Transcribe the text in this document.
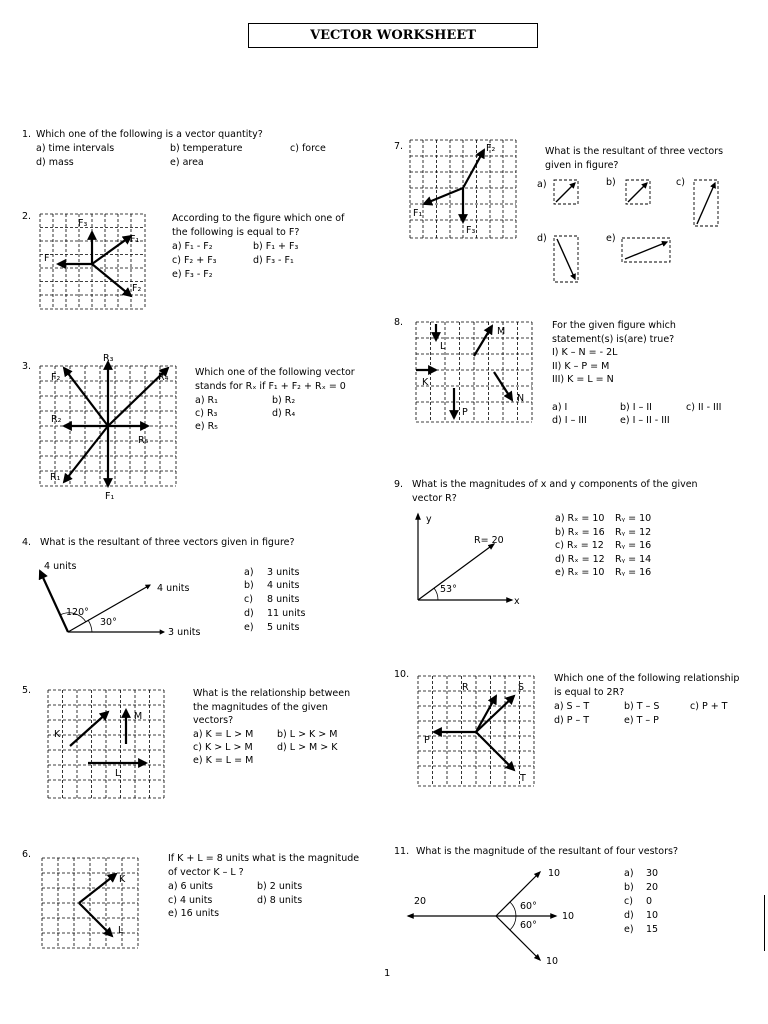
VECTOR WORKSHEET
1. Which one of the following is a vector quantity?
a) time intervals	b) temperature	c) force
d) mass	e) area
2.
F₃
F₁
F
F₂
According to the figure which one of
the following is equal to F?
a) F₁ - F₂	b) F₁ + F₃
c) F₂ + F₃	d) F₃ - F₁
e) F₃ - F₂
3.
R₃
F₂	R₄
R₂
R₅
R₁
F₁
Which one of the following vector
stands for Rₓ if F₁ + F₂ + Rₓ = 0
a) R₁	b) R₂
c) R₃	d) R₄
e) R₅
4. What is the resultant of three vectors given in figure?
4 units
4 units
3 units
120°
30°
a) 3 units
b) 4 units
c) 8 units
d) 11 units
e) 5 units
5.
K
M
L
What is the relationship between
the magnitudes of the given
vectors?
a) K = L > M b) L > K > M
c) K > L > M	d) L > M > K
e) K = L = M
6.
K
L
If K + L = 8 units what is the magnitude
of vector K – L ?
a) 6 units	b) 2 units
c) 4 units	d) 8 units
e) 16 units
7.	F₂
F₁
F₃
What is the resultant of three vectors
given in figure?
a)	b)	c)
d)	e)
8.
L
M
K
N
P
For the given figure which
statement(s) is(are) true?
I) K – N = - 2L
II) K – P = M
III) K = L = N
a) I	b) I – II	c) II - III
d) I – III	e) I – II - III
9. What is the magnitudes of x and y components of the given
vector R?
y
x
R= 20
53°
a) Rₓ = 10 Rᵧ = 10
b) Rₓ = 16 Rᵧ = 12
c) Rₓ = 12 Rᵧ = 16
d) Rₓ = 12 Rᵧ = 14
e) Rₓ = 10 Rᵧ = 16
10.
R	S
P
T
Which one of the following relationship
is equal to 2R?
a) S – T	b) T – S	c) P + T
d) P – T	e) T – P
11. What is the magnitude of the resultant of four vestors?
20
10
10
10
60°
60°
a) 30
b) 20
c) 0
d) 10
e) 15
1
